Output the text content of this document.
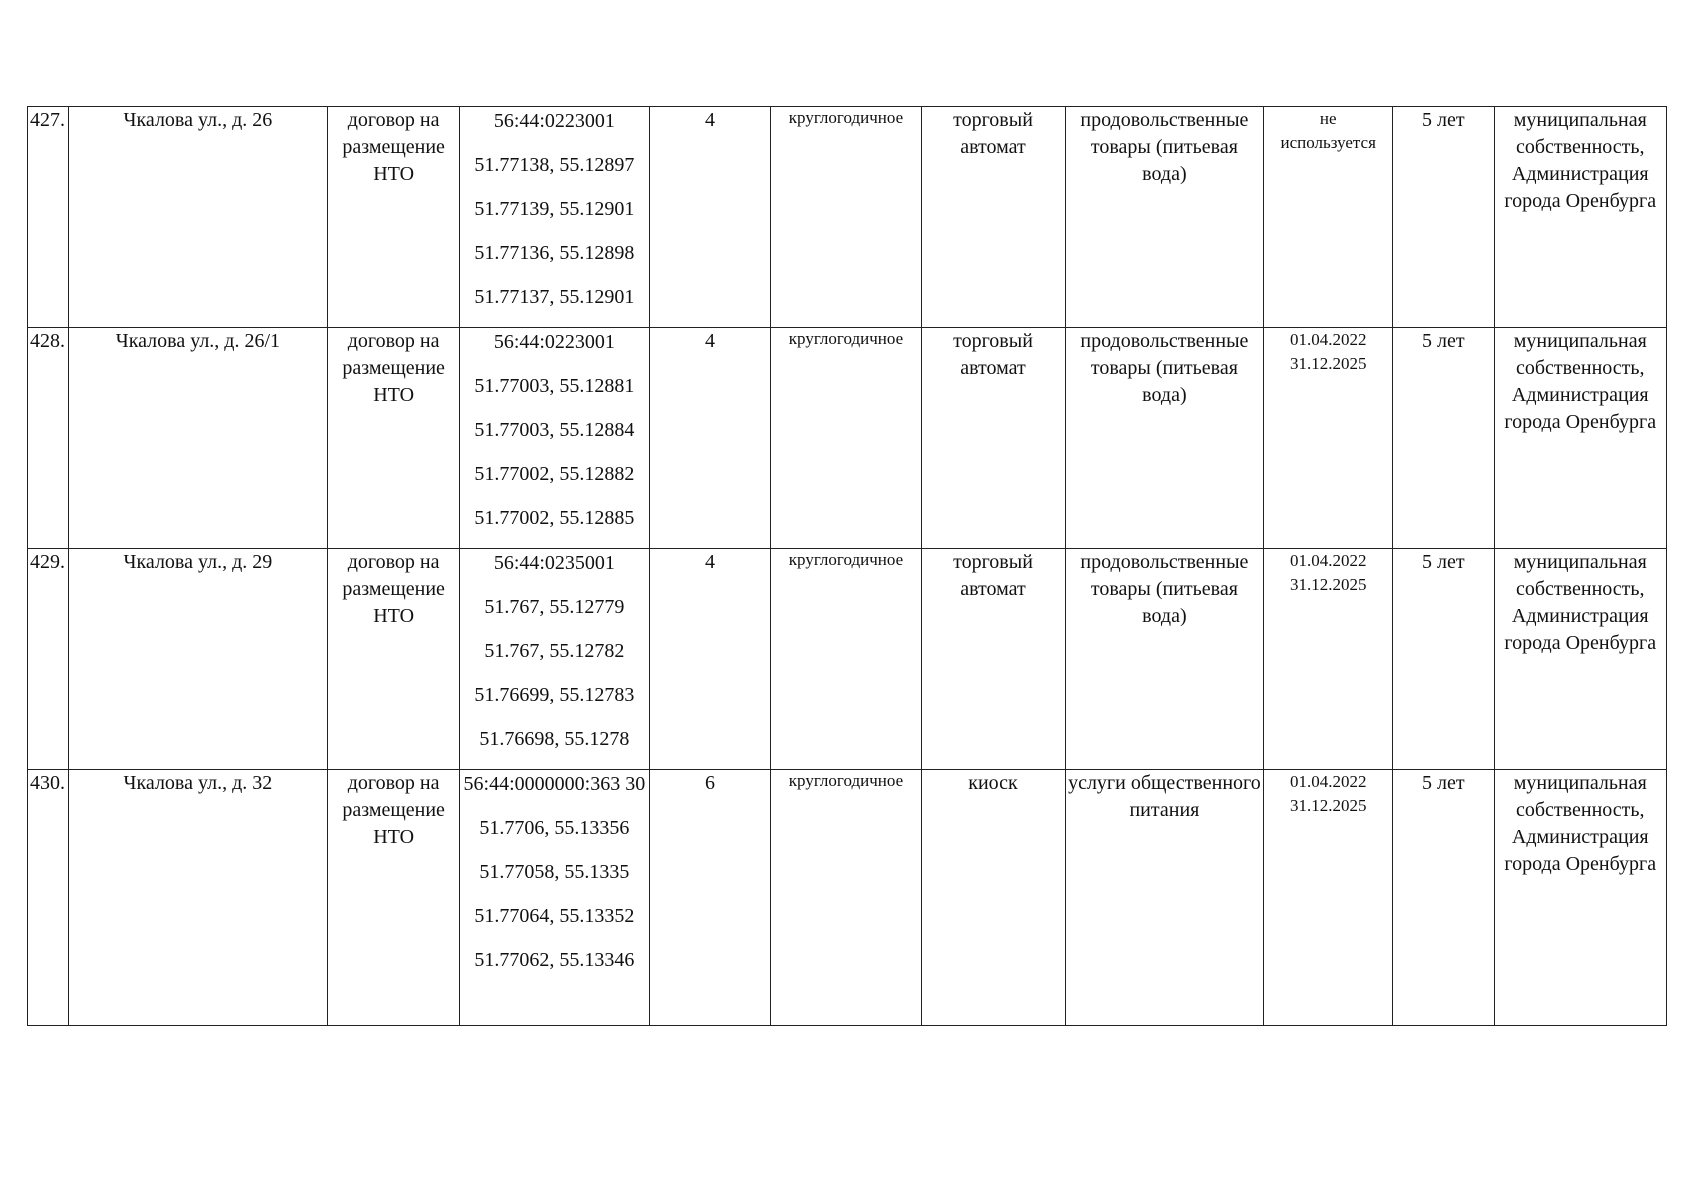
427.	Чкалова ул., д. 26	договор на размещение НТО	56:44:0223001
51.77138, 55.12897
51.77139, 55.12901
51.77136, 55.12898
51.77137, 55.12901	4	круглогодичное	торговый автомат	продовольственные товары (питьевая вода)	не
используется	5 лет	муниципальная собственность, Администрация города Оренбурга
428.	Чкалова ул., д. 26/1	договор на размещение НТО	56:44:0223001
51.77003, 55.12881
51.77003, 55.12884
51.77002, 55.12882
51.77002, 55.12885	4	круглогодичное	торговый автомат	продовольственные товары (питьевая вода)	01.04.2022
31.12.2025	5 лет	муниципальная собственность, Администрация города Оренбурга
429.	Чкалова ул., д. 29	договор на размещение НТО	56:44:0235001
51.767, 55.12779
51.767, 55.12782
51.76699, 55.12783
51.76698, 55.1278	4	круглогодичное	торговый автомат	продовольственные товары (питьевая вода)	01.04.2022
31.12.2025	5 лет	муниципальная собственность, Администрация города Оренбурга
430.	Чкалова ул., д. 32	договор на размещение НТО	56:44:0000000:363 30
51.7706, 55.13356
51.77058, 55.1335
51.77064, 55.13352
51.77062, 55.13346	6	круглогодичное	киоск	услуги общественного питания	01.04.2022
31.12.2025	5 лет	муниципальная собственность, Администрация города Оренбурга
